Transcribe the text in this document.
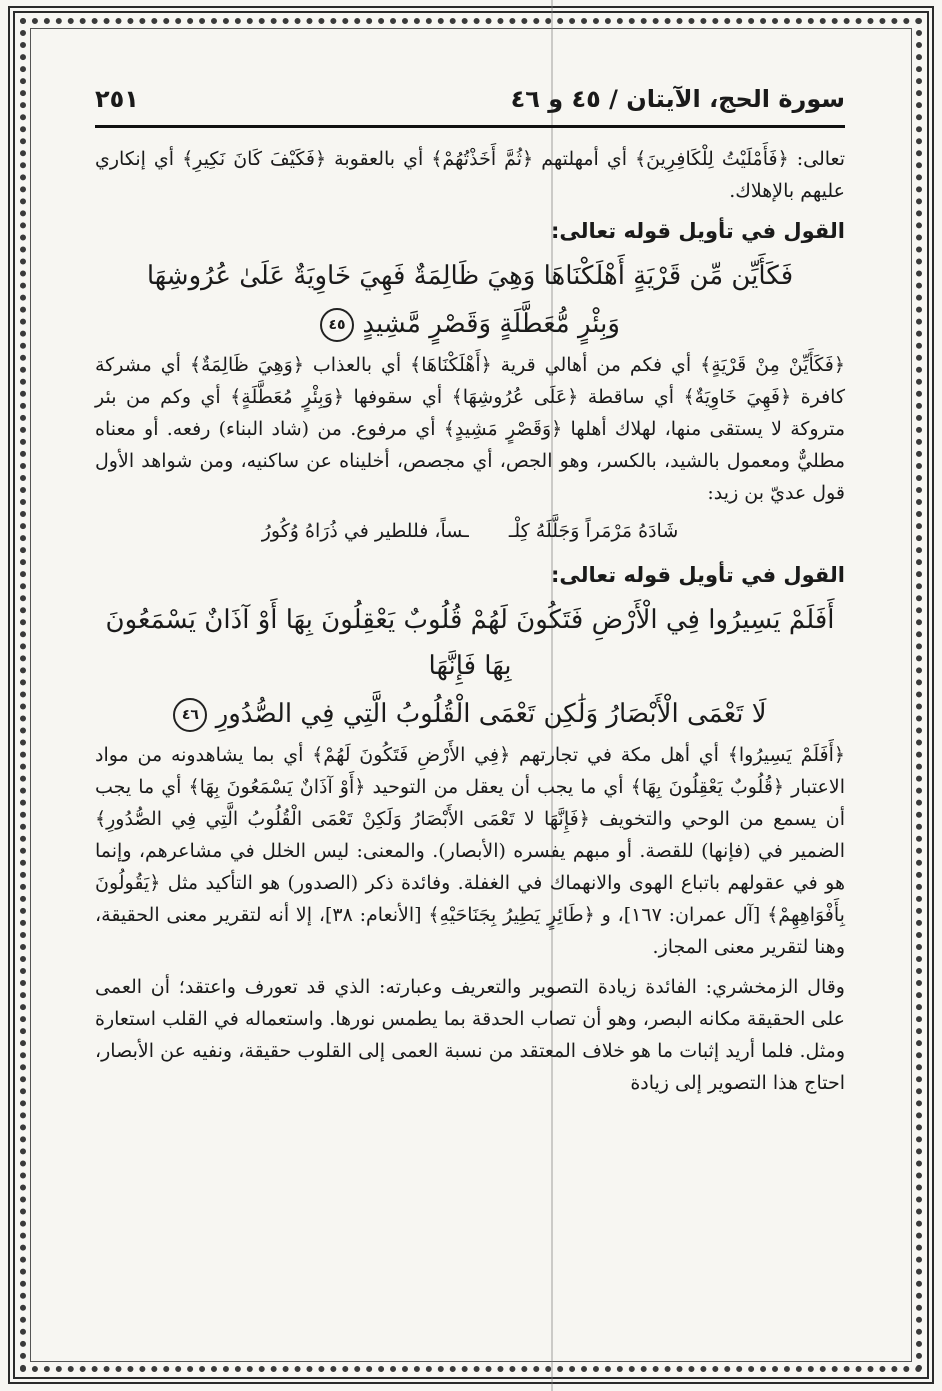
سورة الحج، الآيتان / ٤٥ و ٤٦
٢٥١

تعالى: ﴿فَأَمْلَيْتُ لِلْكَافِرِينَ﴾ أي أمهلتهم ﴿ثُمَّ أَخَذْتُهُمْ﴾ أي بالعقوبة ﴿فَكَيْفَ كَانَ نَكِيرِ﴾ أي إنكاري عليهم بالإهلاك.

القول في تأويل قوله تعالى:

فَكَأَيِّن مِّن قَرْيَةٍ أَهْلَكْنَاهَا وَهِيَ ظَالِمَةٌ فَهِيَ خَاوِيَةٌ عَلَىٰ عُرُوشِهَا

وَبِئْرٍ مُّعَطَّلَةٍ وَقَصْرٍ مَّشِيدٍ ٤٥

﴿فَكَأَيِّنْ مِنْ قَرْيَةٍ﴾ أي فكم من أهالي قرية ﴿أَهْلَكْنَاهَا﴾ أي بالعذاب ﴿وَهِيَ ظَالِمَةٌ﴾ أي مشركة كافرة ﴿فَهِيَ خَاوِيَةٌ﴾ أي ساقطة ﴿عَلَى عُرُوشِهَا﴾ أي سقوفها ﴿وَبِئْرٍ مُعَطَّلَةٍ﴾ أي وكم من بئر متروكة لا يستقى منها، لهلاك أهلها ﴿وَقَصْرٍ مَشِيدٍ﴾ أي مرفوع. من (شاد البناء) رفعه. أو معناه مطليٌّ ومعمول بالشيد، بالكسر، وهو الجص، أي مجصص، أخليناه عن ساكنيه، ومن شواهد الأول قول عديّ بن زيد:

شَادَهُ مَرْمَراً وَجَلَّلَهُ كِلْـ
ـساً، فللطير في ذُرَاهُ وُكُورُ

القول في تأويل قوله تعالى:

أَفَلَمْ يَسِيرُوا فِي الْأَرْضِ فَتَكُونَ لَهُمْ قُلُوبٌ يَعْقِلُونَ بِهَا أَوْ آذَانٌ يَسْمَعُونَ بِهَا فَإِنَّهَا

لَا تَعْمَى الْأَبْصَارُ وَلَٰكِن تَعْمَى الْقُلُوبُ الَّتِي فِي الصُّدُورِ ٤٦

﴿أَفَلَمْ يَسِيرُوا﴾ أي أهل مكة في تجارتهم ﴿فِي الأَرْضِ فَتَكُونَ لَهُمْ﴾ أي بما يشاهدونه من مواد الاعتبار ﴿قُلُوبٌ يَعْقِلُونَ بِهَا﴾ أي ما يجب أن يعقل من التوحيد ﴿أَوْ آذَانٌ يَسْمَعُونَ بِهَا﴾ أي ما يجب أن يسمع من الوحي والتخويف ﴿فَإِنَّهَا لا تَعْمَى الأَبْصَارُ وَلَكِنْ تَعْمَى الْقُلُوبُ الَّتِي فِي الصُّدُورِ﴾ الضمير في (فإنها) للقصة. أو مبهم يفسره (الأبصار). والمعنى: ليس الخلل في مشاعرهم، وإنما هو في عقولهم باتباع الهوى والانهماك في الغفلة. وفائدة ذكر (الصدور) هو التأكيد مثل ﴿يَقُولُونَ بِأَفْوَاهِهِمْ﴾ [آل عمران: ١٦٧]، و ﴿طَائِرٍ يَطِيرُ بِجَنَاحَيْهِ﴾ [الأنعام: ٣٨]، إلا أنه لتقرير معنى الحقيقة، وهنا لتقرير معنى المجاز.

وقال الزمخشري: الفائدة زيادة التصوير والتعريف وعبارته: الذي قد تعورف واعتقد؛ أن العمى على الحقيقة مكانه البصر، وهو أن تصاب الحدقة بما يطمس نورها. واستعماله في القلب استعارة ومثل. فلما أريد إثبات ما هو خلاف المعتقد من نسبة العمى إلى القلوب حقيقة، ونفيه عن الأبصار، احتاج هذا التصوير إلى زيادة
